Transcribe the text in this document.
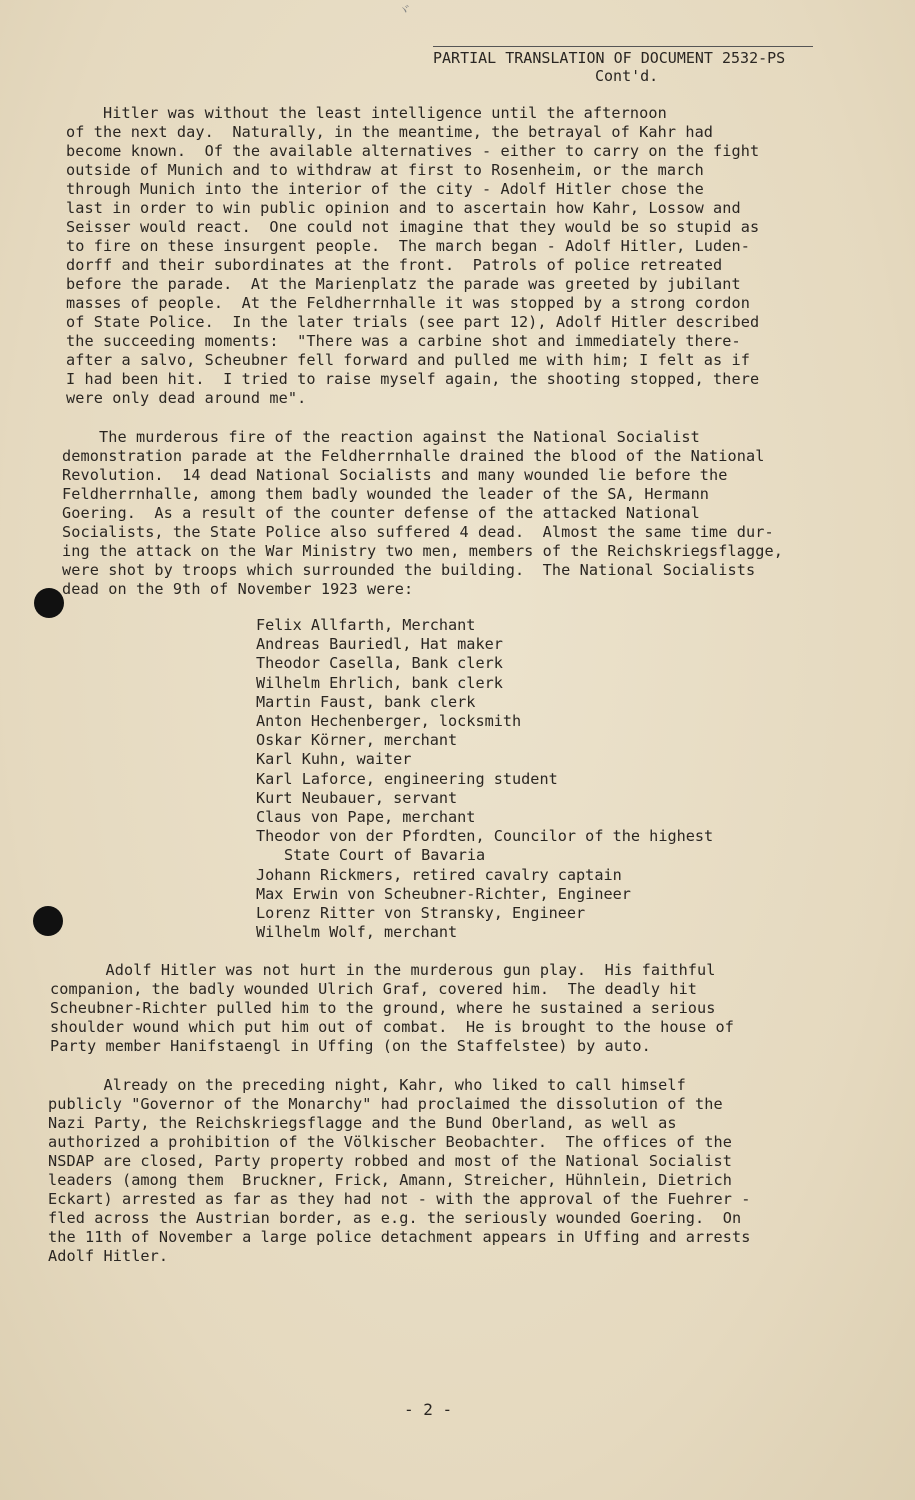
ヾ
PARTIAL TRANSLATION OF DOCUMENT 2532-PS
Cont'd.
Hitler was without the least intelligence until the afternoon
of the next day.  Naturally, in the meantime, the betrayal of Kahr had
become known.  Of the available alternatives - either to carry on the fight
outside of Munich and to withdraw at first to Rosenheim, or the march
through Munich into the interior of the city - Adolf Hitler chose the
last in order to win public opinion and to ascertain how Kahr, Lossow and
Seisser would react.  One could not imagine that they would be so stupid as
to fire on these insurgent people.  The march began - Adolf Hitler, Luden-
dorff and their subordinates at the front.  Patrols of police retreated
before the parade.  At the Marienplatz the parade was greeted by jubilant
masses of people.  At the Feldherrnhalle it was stopped by a strong cordon
of State Police.  In the later trials (see part 12), Adolf Hitler described
the succeeding moments:  "There was a carbine shot and immediately there-
after a salvo, Scheubner fell forward and pulled me with him; I felt as if
I had been hit.  I tried to raise myself again, the shooting stopped, there
were only dead around me".
The murderous fire of the reaction against the National Socialist
demonstration parade at the Feldherrnhalle drained the blood of the National
Revolution.  14 dead National Socialists and many wounded lie before the
Feldherrnhalle, among them badly wounded the leader of the SA, Hermann
Goering.  As a result of the counter defense of the attacked National
Socialists, the State Police also suffered 4 dead.  Almost the same time dur-
ing the attack on the War Ministry two men, members of the Reichskriegsflagge,
were shot by troops which surrounded the building.  The National Socialists
dead on the 9th of November 1923 were:
Felix Allfarth, Merchant
Andreas Bauriedl, Hat maker
Theodor Casella, Bank clerk
Wilhelm Ehrlich, bank clerk
Martin Faust, bank clerk
Anton Hechenberger, locksmith
Oskar Körner, merchant
Karl Kuhn, waiter
Karl Laforce, engineering student
Kurt Neubauer, servant
Claus von Pape, merchant
Theodor von der Pfordten, Councilor of the highest
State Court of Bavaria
Johann Rickmers, retired cavalry captain
Max Erwin von Scheubner-Richter, Engineer
Lorenz Ritter von Stransky, Engineer
Wilhelm Wolf, merchant
Adolf Hitler was not hurt in the murderous gun play.  His faithful
companion, the badly wounded Ulrich Graf, covered him.  The deadly hit
Scheubner-Richter pulled him to the ground, where he sustained a serious
shoulder wound which put him out of combat.  He is brought to the house of
Party member Hanifstaengl in Uffing (on the Staffelstee) by auto.
Already on the preceding night, Kahr, who liked to call himself
publicly "Governor of the Monarchy" had proclaimed the dissolution of the
Nazi Party, the Reichskriegsflagge and the Bund Oberland, as well as
authorized a prohibition of the Völkischer Beobachter.  The offices of the
NSDAP are closed, Party property robbed and most of the National Socialist
leaders (among them  Bruckner, Frick, Amann, Streicher, Hühnlein, Dietrich
Eckart) arrested as far as they had not - with the approval of the Fuehrer -
fled across the Austrian border, as e.g. the seriously wounded Goering.  On
the 11th of November a large police detachment appears in Uffing and arrests
Adolf Hitler.
- 2 -
